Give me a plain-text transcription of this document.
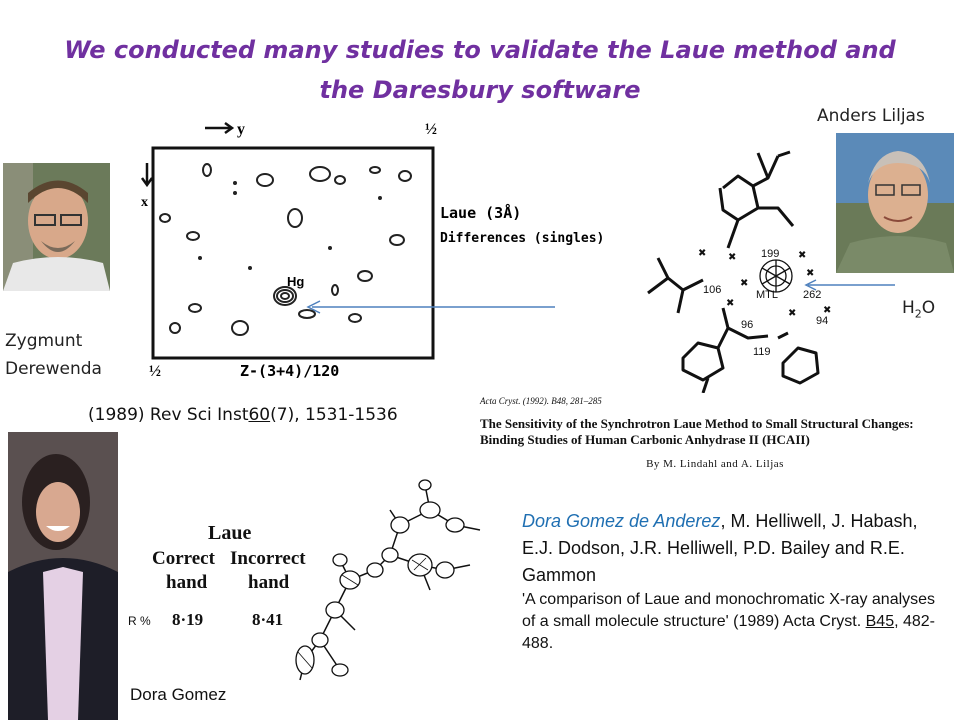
We conducted many studies to validate the Laue method and the Daresbury software
Zygmunt
Derewenda
y
x
½
½
Hg
Laue (3Å)
Differences (singles)
Z-(3+4)/120
(1989) Rev Sci Inst60(7), 1531-1536
199
106	MTL 262
96	94
119
✖ ✖
✖
✖
✖
✖
✖
✖
Anders Liljas
$H_2O$
Acta Cryst. (1992). B48, 281–285
The Sensitivity of the Synchrotron Laue Method to Small Structural Changes: Binding Studies of Human Carbonic Anhydrase II (HCAII)
By M. Lindahl and A. Liljas
Laue
Correct Incorrect
hand hand
8·19	8·41
R %
Dora Gomez
Dora Gomez de Anderez, M. Helliwell, J. Habash, E.J. Dodson, J.R. Helliwell, P.D. Bailey and R.E. Gammon
'A comparison of Laue and monochromatic X-ray analyses of a small molecule structure' (1989) Acta Cryst. B45, 482-488.
